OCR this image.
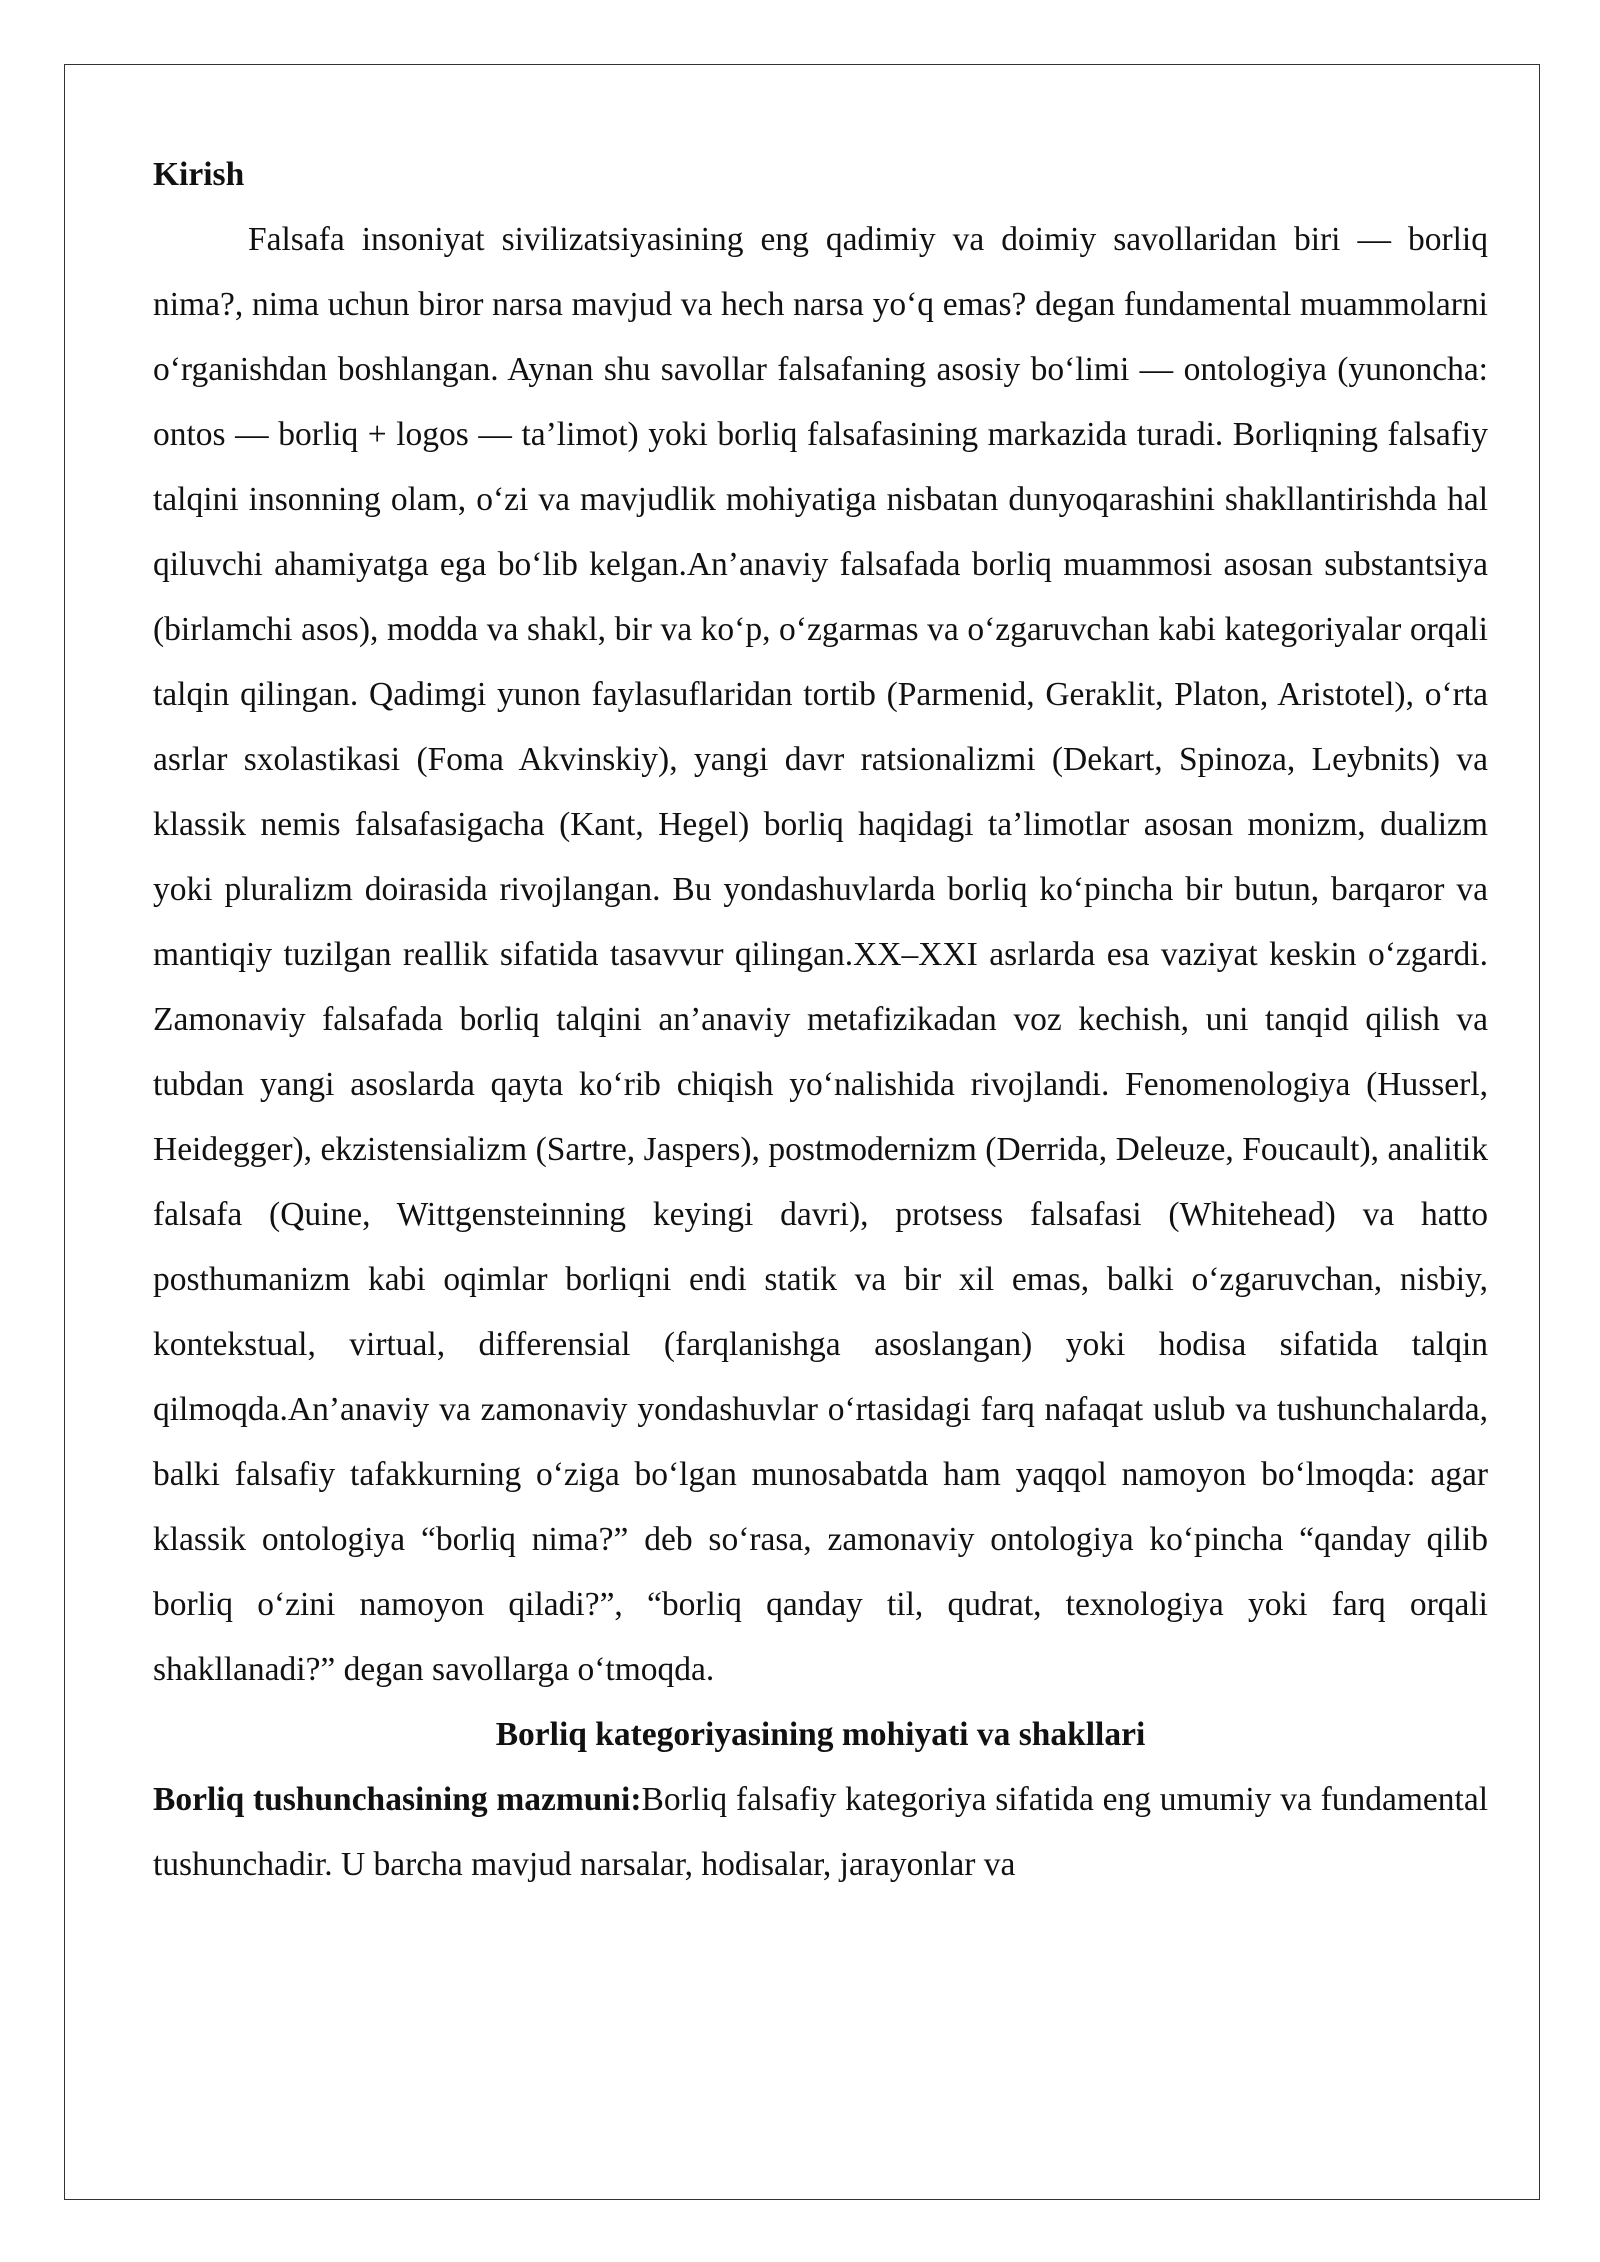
Kirish

Falsafa insoniyat sivilizatsiyasining eng qadimiy va doimiy savollaridan biri — borliq nima?, nima uchun biror narsa mavjud va hech narsa yo‘q emas? degan fundamental muammolarni o‘rganishdan boshlangan. Aynan shu savollar falsafaning asosiy bo‘limi — ontologiya (yunoncha: ontos — borliq + logos — ta’limot) yoki borliq falsafasining markazida turadi. Borliqning falsafiy talqini insonning olam, o‘zi va mavjudlik mohiyatiga nisbatan dunyoqarashini shakllantirishda hal qiluvchi ahamiyatga ega bo‘lib kelgan.An’anaviy falsafada borliq muammosi asosan substantsiya (birlamchi asos), modda va shakl, bir va ko‘p, o‘zgarmas va o‘zgaruvchan kabi kategoriyalar orqali talqin qilingan. Qadimgi yunon faylasuflaridan tortib (Parmenid, Geraklit, Platon, Aristotel), o‘rta asrlar sxolastikasi (Foma Akvinskiy), yangi davr ratsionalizmi (Dekart, Spinoza, Leybnits) va klassik nemis falsafasigacha (Kant, Hegel) borliq haqidagi ta’limotlar asosan monizm, dualizm yoki pluralizm doirasida rivojlangan. Bu yondashuvlarda borliq ko‘pincha bir butun, barqaror va mantiqiy tuzilgan reallik sifatida tasavvur qilingan.XX–XXI asrlarda esa vaziyat keskin o‘zgardi. Zamonaviy falsafada borliq talqini an’anaviy metafizikadan voz kechish, uni tanqid qilish va tubdan yangi asoslarda qayta ko‘rib chiqish yo‘nalishida rivojlandi. Fenomenologiya (Husserl, Heidegger), ekzistensializm (Sartre, Jaspers), postmodernizm (Derrida, Deleuze, Foucault), analitik falsafa (Quine, Wittgensteinning keyingi davri), protsess falsafasi (Whitehead) va hatto posthumanizm kabi oqimlar borliqni endi statik va bir xil emas, balki o‘zgaruvchan, nisbiy, kontekstual, virtual, differensial (farqlanishga asoslangan) yoki hodisa sifatida talqin qilmoqda.An’anaviy va zamonaviy yondashuvlar o‘rtasidagi farq nafaqat uslub va tushunchalarda, balki falsafiy tafakkurning o‘ziga bo‘lgan munosabatda ham yaqqol namoyon bo‘lmoqda: agar klassik ontologiya “borliq nima?” deb so‘rasa, zamonaviy ontologiya ko‘pincha “qanday qilib borliq o‘zini namoyon qiladi?”, “borliq qanday til, qudrat, texnologiya yoki farq orqali shakllanadi?” degan savollarga o‘tmoqda.

Borliq kategoriyasining mohiyati va shakllari

Borliq tushunchasining mazmuni:Borliq falsafiy kategoriya sifatida eng umumiy va fundamental tushunchadir. U barcha mavjud narsalar, hodisalar, jarayonlar va
